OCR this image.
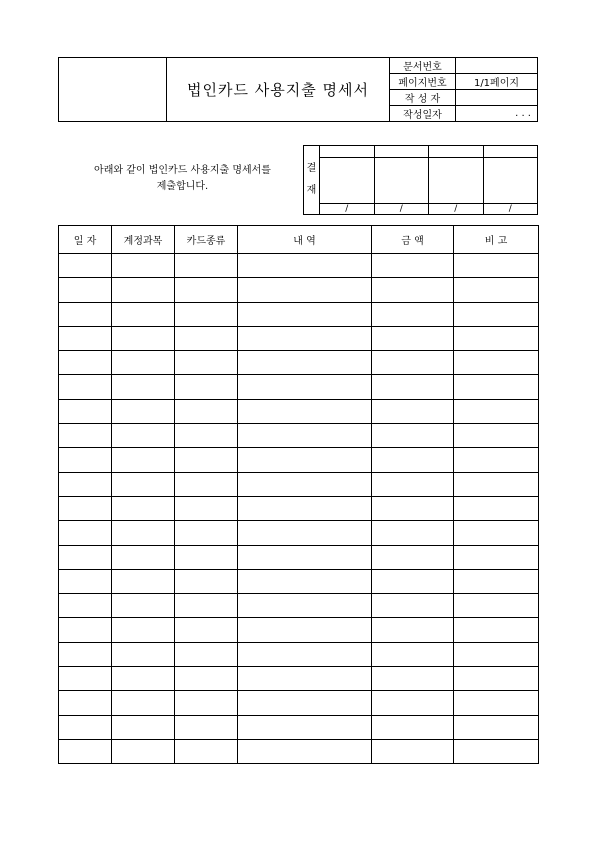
	법인카드 사용지출 명세서	문서번호	
		페이지번호	1/1페이지
		작 성 자	
		작성일자	. . .
아래와 같이 법인카드 사용지출 명세서를
제출합니다.
결
재				

	/	/	/	/
일 자	계정과목	카드종류	내 역	금 액	비 고
